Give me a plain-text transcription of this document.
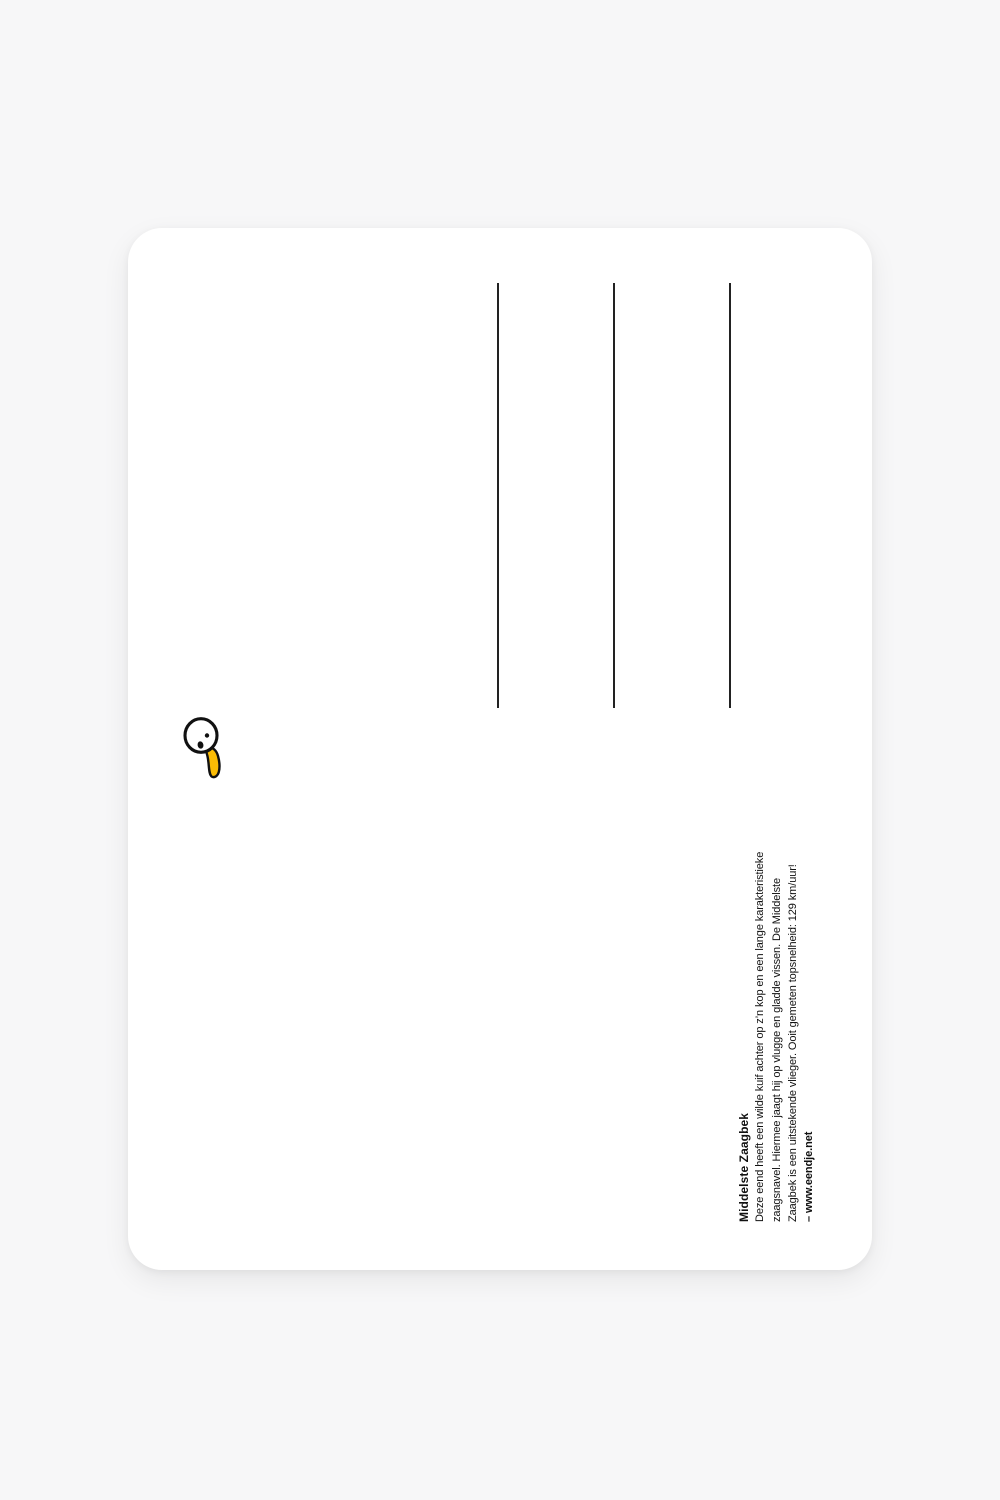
Middelste Zaagbek Deze eend heeft een wilde kuif achter op z’n kop en een lange karakteristieke zaagsnavel. Hiermee jaagt hij op vlugge en gladde vissen. De Middelste Zaagbek is een uitstekende vlieger. Ooit gemeten topsnelheid: 129 km/uur! – www.eendje.net
